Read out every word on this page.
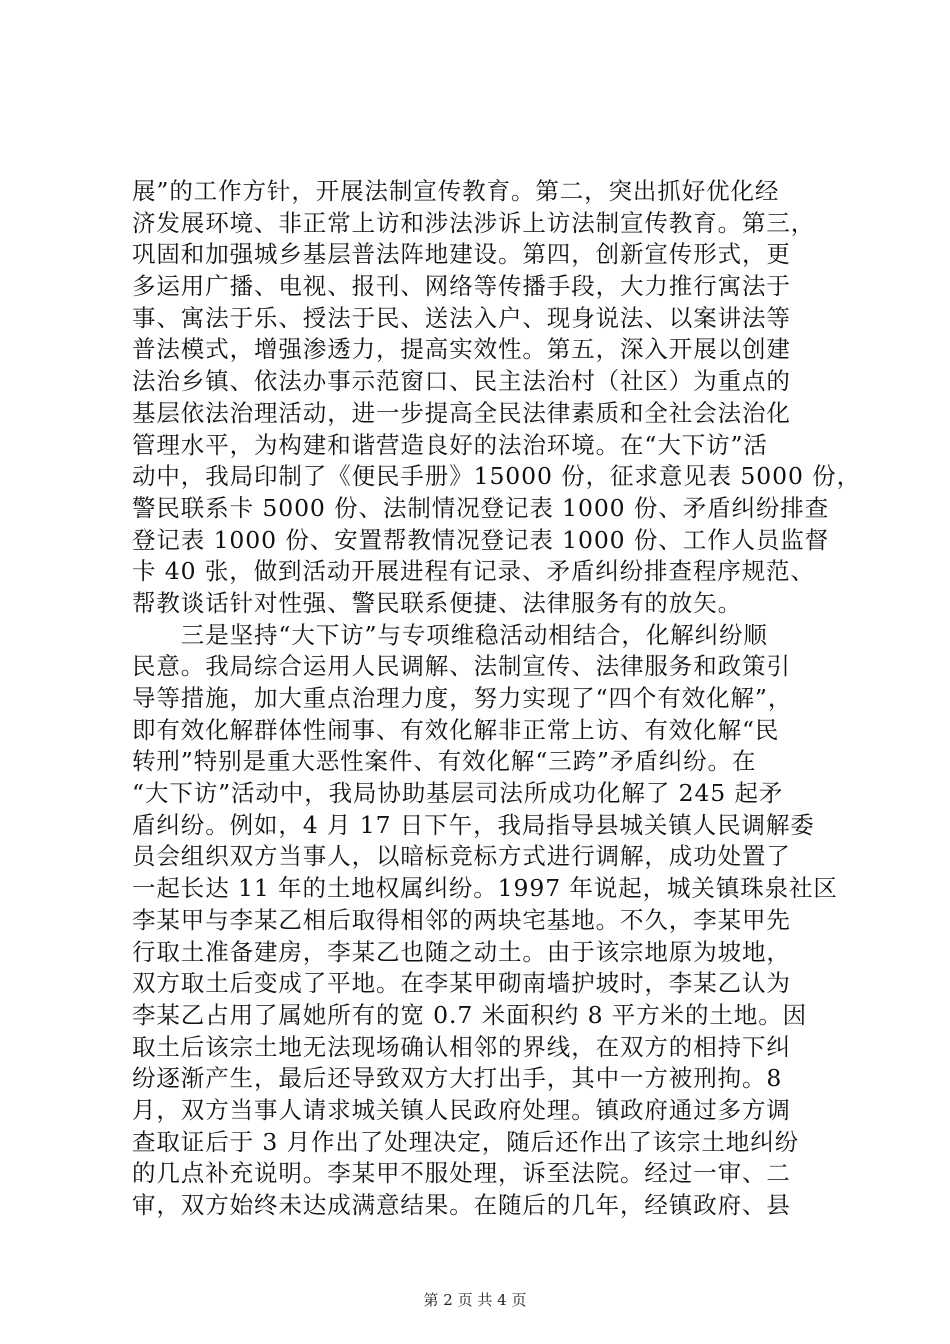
展”的工作方针，开展法制宣传教育。第二，突出抓好优化经
济发展环境、非正常上访和涉法涉诉上访法制宣传教育。第三，
巩固和加强城乡基层普法阵地建设。第四，创新宣传形式，更
多运用广播、电视、报刊、网络等传播手段，大力推行寓法于
事、寓法于乐、授法于民、送法入户、现身说法、以案讲法等
普法模式，增强渗透力，提高实效性。第五，深入开展以创建
法治乡镇、依法办事示范窗口、民主法治村（社区）为重点的
基层依法治理活动，进一步提高全民法律素质和全社会法治化
管理水平，为构建和谐营造良好的法治环境。在“大下访”活
动中，我局印制了《便民手册》15000 份，征求意见表 5000 份，
警民联系卡 5000 份、法制情况登记表 1000 份、矛盾纠纷排查
登记表 1000 份、安置帮教情况登记表 1000 份、工作人员监督
卡 40 张，做到活动开展进程有记录、矛盾纠纷排查程序规范、
帮教谈话针对性强、警民联系便捷、法律服务有的放矢。
　　三是坚持“大下访”与专项维稳活动相结合，化解纠纷顺
民意。我局综合运用人民调解、法制宣传、法律服务和政策引
导等措施，加大重点治理力度，努力实现了“四个有效化解”，
即有效化解群体性闹事、有效化解非正常上访、有效化解“民
转刑”特别是重大恶性案件、有效化解“三跨”矛盾纠纷。在
“大下访”活动中，我局协助基层司法所成功化解了 245 起矛
盾纠纷。例如，4 月 17 日下午，我局指导县城关镇人民调解委
员会组织双方当事人，以暗标竞标方式进行调解，成功处置了
一起长达 11 年的土地权属纠纷。1997 年说起，城关镇珠泉社区
李某甲与李某乙相后取得相邻的两块宅基地。不久，李某甲先
行取土准备建房，李某乙也随之动土。由于该宗地原为坡地，
双方取土后变成了平地。在李某甲砌南墙护坡时，李某乙认为
李某乙占用了属她所有的宽 0.7 米面积约 8 平方米的土地。因
取土后该宗土地无法现场确认相邻的界线，在双方的相持下纠
纷逐渐产生，最后还导致双方大打出手，其中一方被刑拘。8
月，双方当事人请求城关镇人民政府处理。镇政府通过多方调
查取证后于 3 月作出了处理决定，随后还作出了该宗土地纠纷
的几点补充说明。李某甲不服处理，诉至法院。经过一审、二
审，双方始终未达成满意结果。在随后的几年，经镇政府、县
第 2 页 共 4 页
